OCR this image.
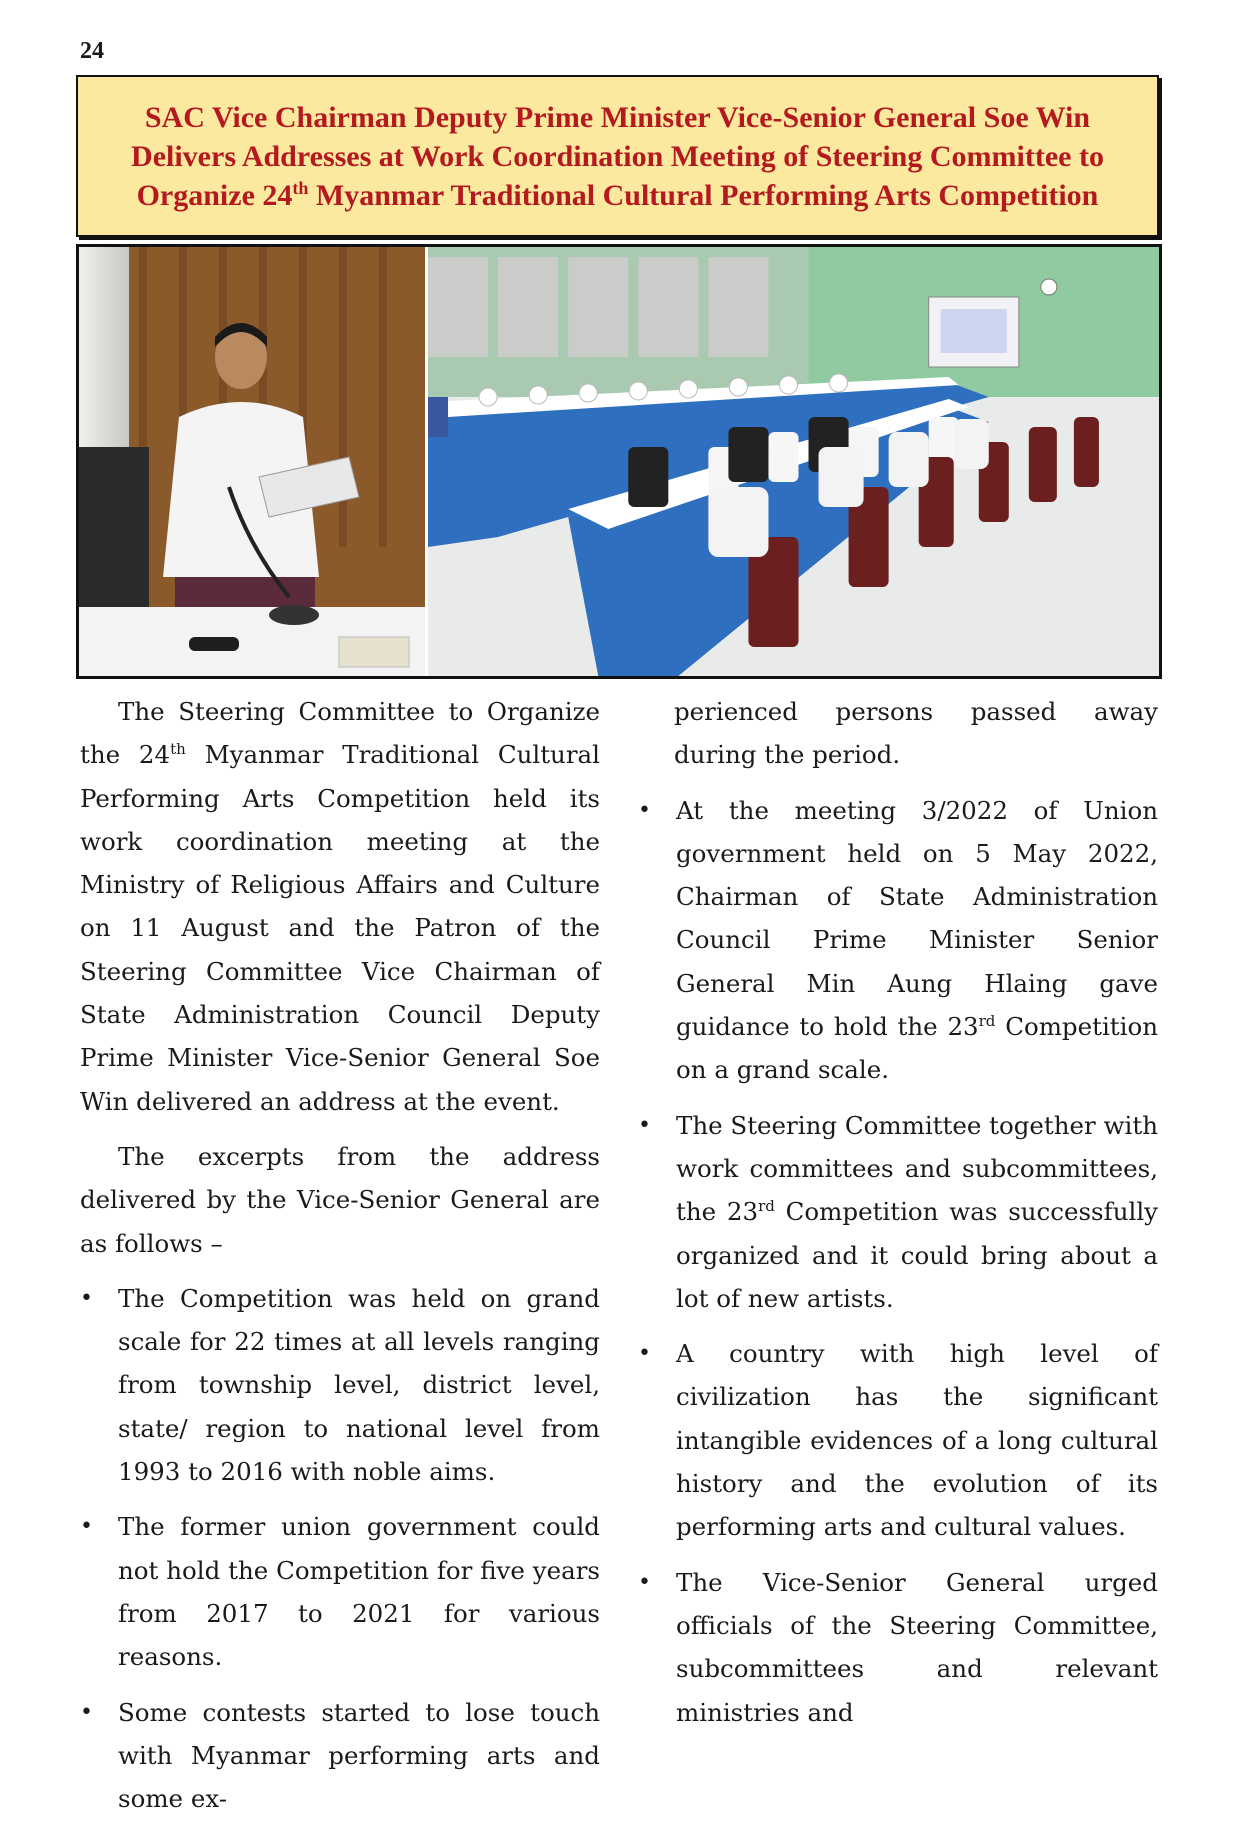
24
SAC Vice Chairman Deputy Prime Minister Vice-Senior General Soe Win
Delivers Addresses at Work Coordination Meeting of Steering Committee to
Organize 24th Myanmar Traditional Cultural Performing Arts Competition

The Steering Committee to Organize the 24th Myanmar Traditional Cultural Performing Arts Competition held its work coordination meeting at the Ministry of Religious Affairs and Culture on 11 August and the Patron of the Steering Committee Vice Chairman of State Administration Council Deputy Prime Minister Vice-Senior General Soe Win delivered an address at the event.

The excerpts from the address delivered by the Vice-Senior General are as follows –

• The Competition was held on grand scale for 22 times at all levels ranging from township level, district level, state/ region to national level from 1993 to 2016 with noble aims.
• The former union government could not hold the Competition for five years from 2017 to 2021 for various reasons.
• Some contests started to lose touch with Myanmar performing arts and some ex-

perienced persons passed away during the period.

• At the meeting 3/2022 of Union government held on 5 May 2022, Chairman of State Administration Council Prime Minister Senior General Min Aung Hlaing gave guidance to hold the 23rd Competition on a grand scale.
• The Steering Committee together with work committees and subcommittees, the 23rd Competition was successfully organized and it could bring about a lot of new artists.
• A country with high level of civilization has the significant intangible evidences of a long cultural history and the evolution of its performing arts and cultural values.
• The Vice-Senior General urged officials of the Steering Committee, subcommittees and relevant ministries and
